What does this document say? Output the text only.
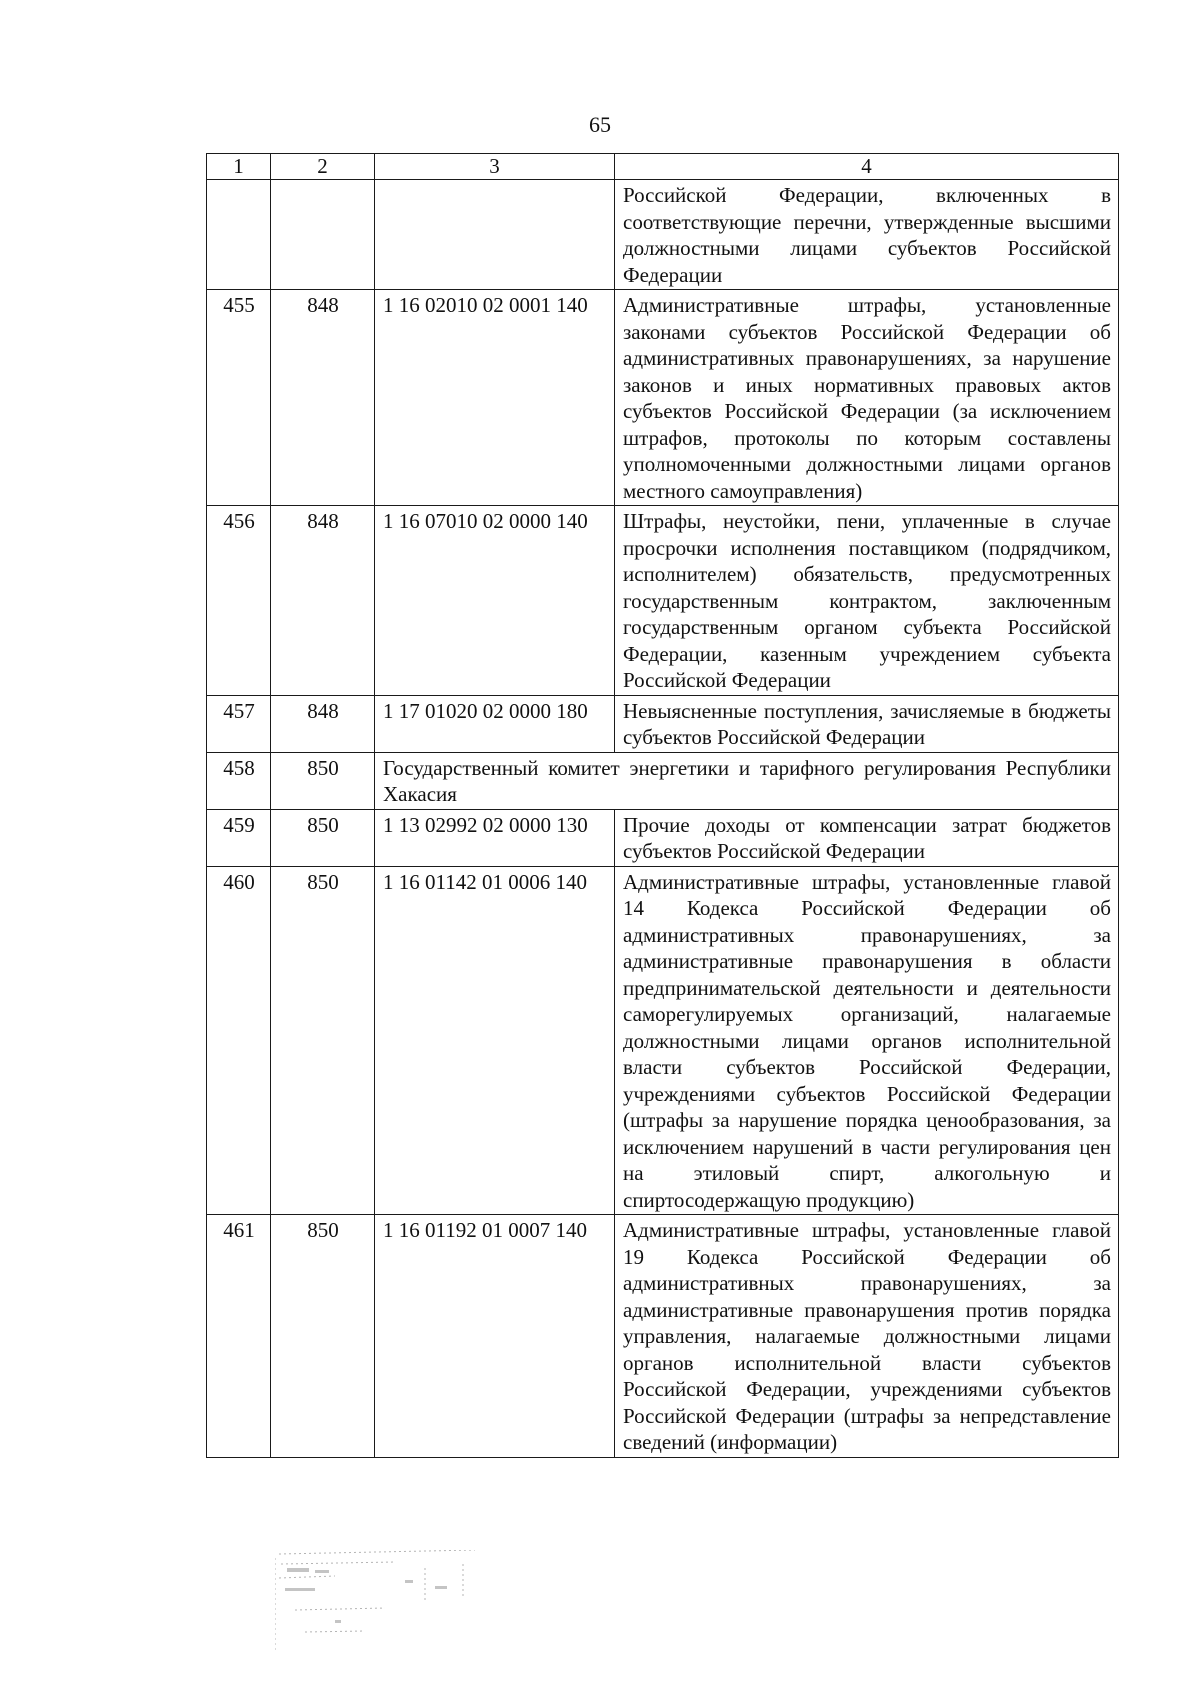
65
1	2	3	4
			Российской Федерации, включенных в соответствующие перечни, утвержденные высшими должностными лицами субъектов Российской Федерации
455	848	1 16 02010 02 0001 140	Административные штрафы, установленные законами субъектов Российской Федерации об административных правонарушениях, за нарушение законов и иных нормативных правовых актов субъектов Российской Федерации (за исключением штрафов, протоколы по которым составлены уполномоченными должностными лицами органов местного самоуправления)
456	848	1 16 07010 02 0000 140	Штрафы, неустойки, пени, уплаченные в случае просрочки исполнения поставщиком (подрядчиком, исполнителем) обязательств, предусмотренных государственным контрактом, заключенным государственным органом субъекта Российской Федерации, казенным учреждением субъекта Российской Федерации
457	848	1 17 01020 02 0000 180	Невыясненные поступления, зачисляемые в бюджеты субъектов Российской Федерации
458	850	Государственный комитет энергетики и тарифного регулирования Республики Хакасия	
459	850	1 13 02992 02 0000 130	Прочие доходы от компенсации затрат бюджетов субъектов Российской Федерации
460	850	1 16 01142 01 0006 140	Административные штрафы, установленные главой 14 Кодекса Российской Федерации об административных правонарушениях, за административные правонарушения в области предпринимательской деятельности и деятельности саморегулируемых организаций, налагаемые должностными лицами органов исполнительной власти субъектов Российской Федерации, учреждениями субъектов Российской Федерации (штрафы за нарушение порядка ценообразования, за исключением нарушений в части регулирования цен на этиловый спирт, алкогольную и спиртосодержащую продукцию)
461	850	1 16 01192 01 0007 140	Административные штрафы, установленные главой 19 Кодекса Российской Федерации об административных правонарушениях, за административные правонарушения против порядка управления, налагаемые должностными лицами органов исполнительной власти субъектов Российской Федерации, учреждениями субъектов Российской Федерации (штрафы за непредставление сведений (информации)
